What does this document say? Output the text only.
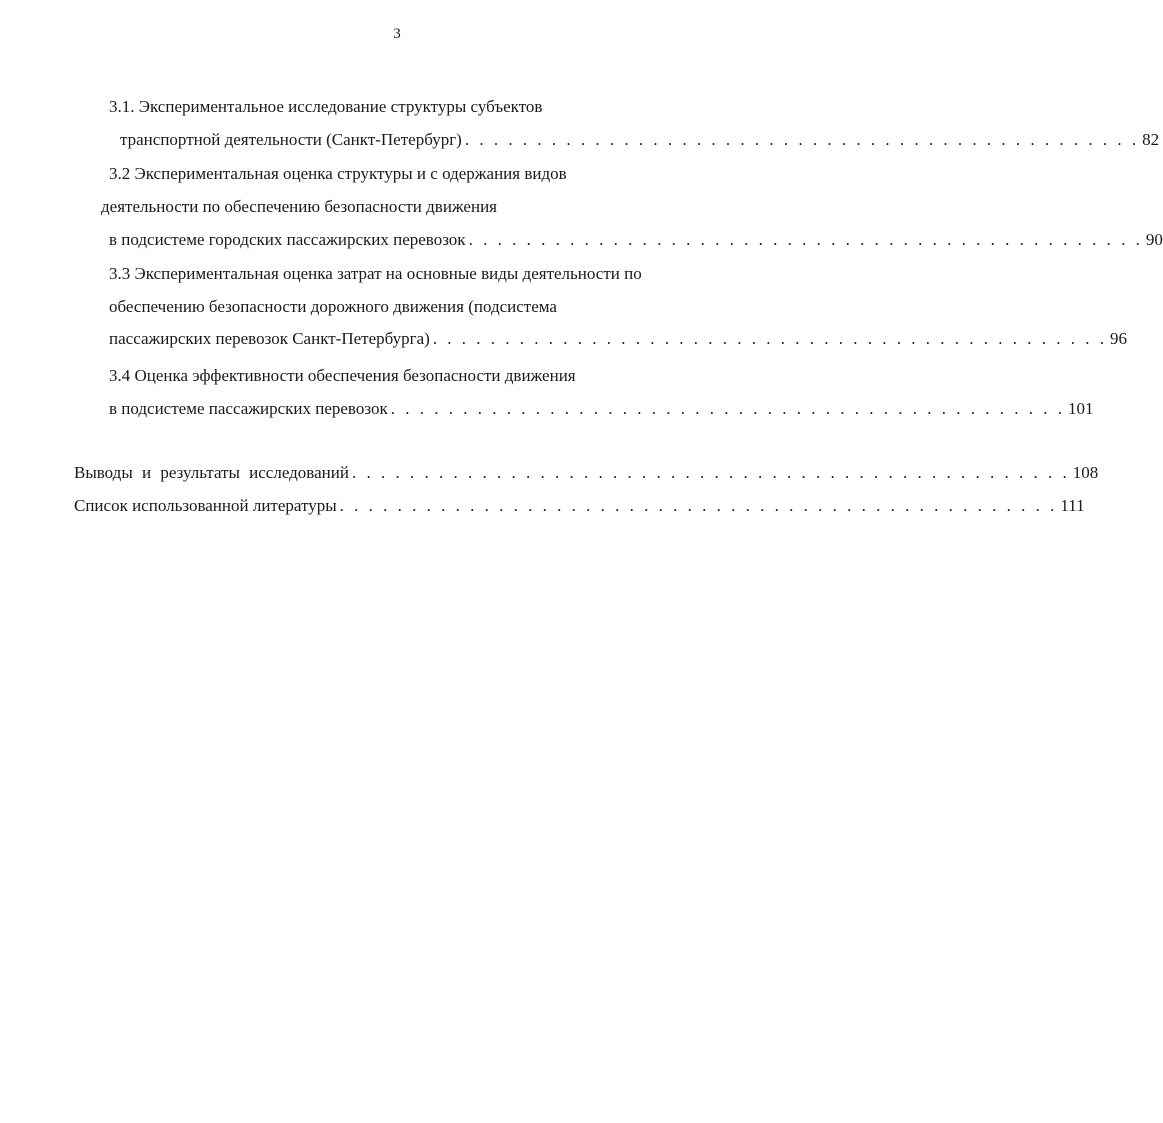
3
3.1. Экспериментальное исследование структуры субъектов
транспортной деятельности (Санкт-Петербург) . . . . . . . . . . . . . . . . . . . . . . . . . . . . . . . . . . . . . . . . . . . . . . . 82
3.2 Экспериментальная оценка структуры и с одержания видов
деятельности по обеспечению безопасности движения
в подсистеме городских пассажирских перевозок . . . . . . . . . . . . . . . . . . . . . . . . . . . . . . . . . . . . . . . . . . . . . . . 90
3.3 Экспериментальная оценка затрат на основные виды деятельности по
обеспечению безопасности дорожного движения (подсистема
пассажирских перевозок Санкт-Петербурга) . . . . . . . . . . . . . . . . . . . . . . . . . . . . . . . . . . . . . . . . . . . . . . . 96
3.4 Оценка эффективности обеспечения безопасности движения
в подсистеме пассажирских перевозок . . . . . . . . . . . . . . . . . . . . . . . . . . . . . . . . . . . . . . . . . . . . . . . 101
Выводы и результаты исследований . . . . . . . . . . . . . . . . . . . . . . . . . . . . . . . . . . . . . . . . . . . . . . . . . . 108
Список использованной литературы . . . . . . . . . . . . . . . . . . . . . . . . . . . . . . . . . . . . . . . . . . . . . . . . . . 111
